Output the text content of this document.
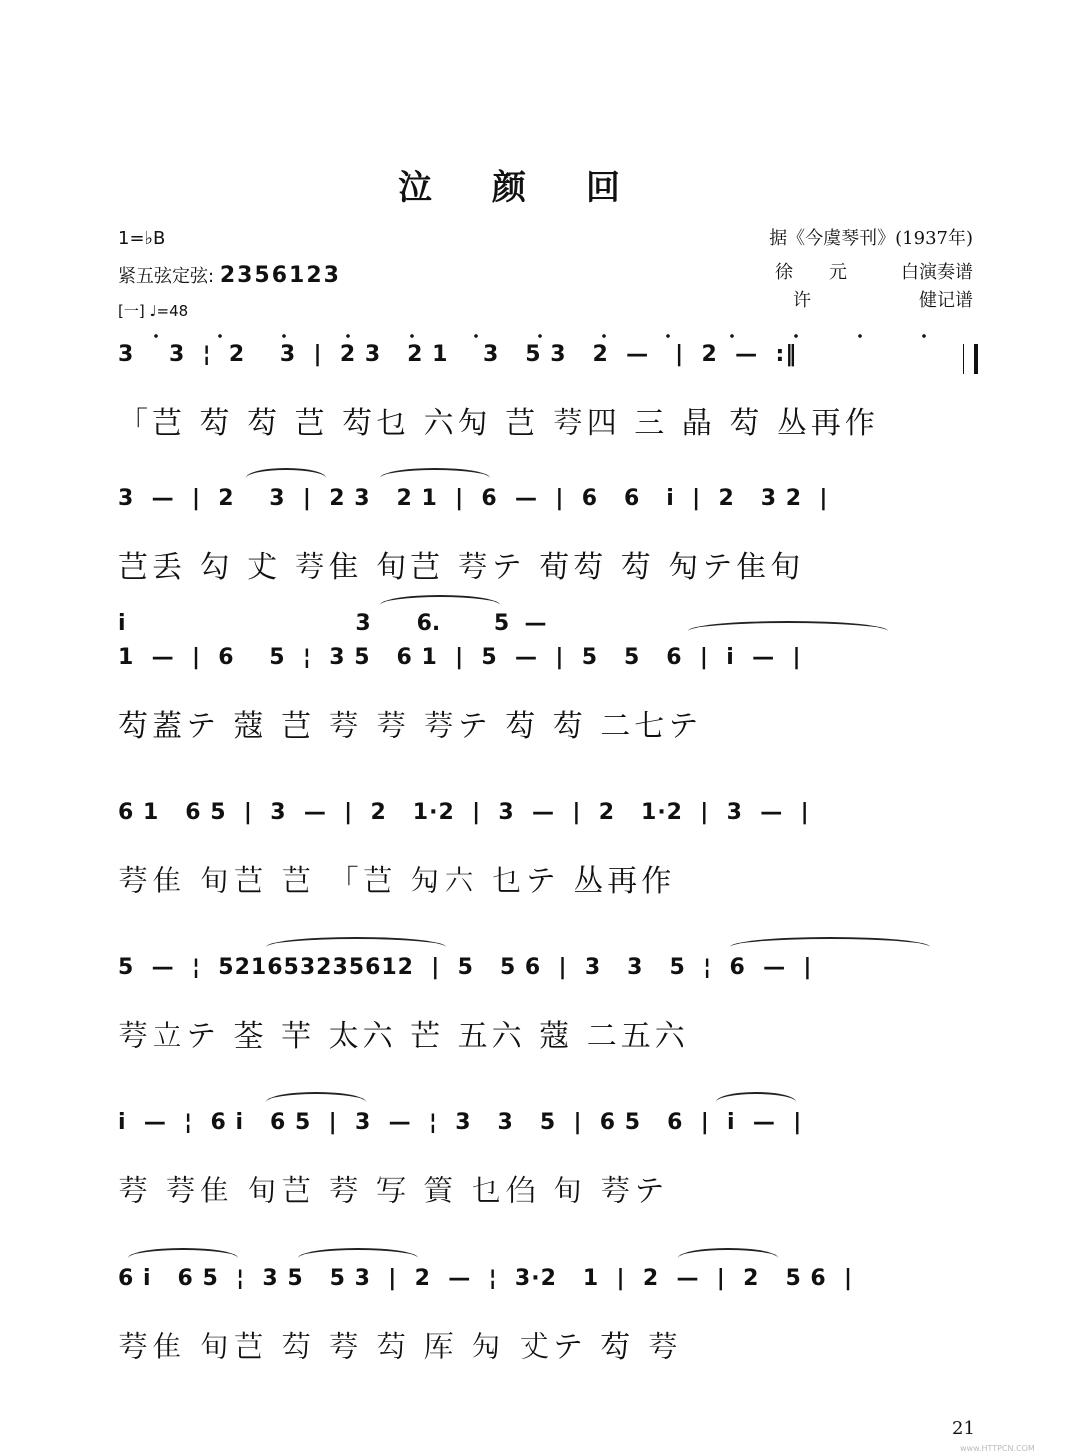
泣颜回
1=♭B
紧五弦定弦: 2356123
[一] ♩=48
据《今虞琴刊》(1937年)
徐　　元　　　白演奏谱
许　　　　　　健记谱
3    3  ¦  2    3  |  2 3   2 1    3   5 3   2  —   |  2  —  :‖
「芑 芶 芶 芑 芶乜 六勼 芑 𦭃四 三 晶 芶 丛再作
3  —  |  2    3  |  2 3   2 1  |  6  —  |  6   6   i  |  2   3 2  |
芑丢 勾 𠀋 𦭃隹 旬芑 𦭃テ 荀芶 芶 勼テ隹旬
i                              3      6.       5  —
1  —  |  6    5  ¦  3 5   6 1  |  5  —  |  5   5   6  |  i  —  |
芶蓋テ 蔻 芑 𦭃 𦭃 𦭃テ 芶 芶 二七テ
6 1   6 5  |  3  —  |  2   1·2  |  3  —  |  2   1·2  |  3  —  |
𦭃隹 旬芑 芑 「芑 勼六 乜テ 丛再作
5  —  ¦  521653235612  |  5   5 6  |  3   3   5  ¦  6  —  |
𦭃立テ 荃 芉 太六 芒 五六 蔻 二五六
i  —  ¦  6 i   6 5  |  3  —  ¦  3   3   5  |  6 5   6  |  i  —  |
𦭃 𦭃隹 旬芑 𦭃 写 篢 乜㑇 旬 𦭃テ
6 i   6 5  ¦  3 5   5 3  |  2  —  ¦  3·2   1  |  2  —  |  2   5 6  |
𦭃隹 旬芑 芶 𦭃 芶 厍 勼 𠀋テ 芶 𦭃
21
www.HTTPCN.COM
